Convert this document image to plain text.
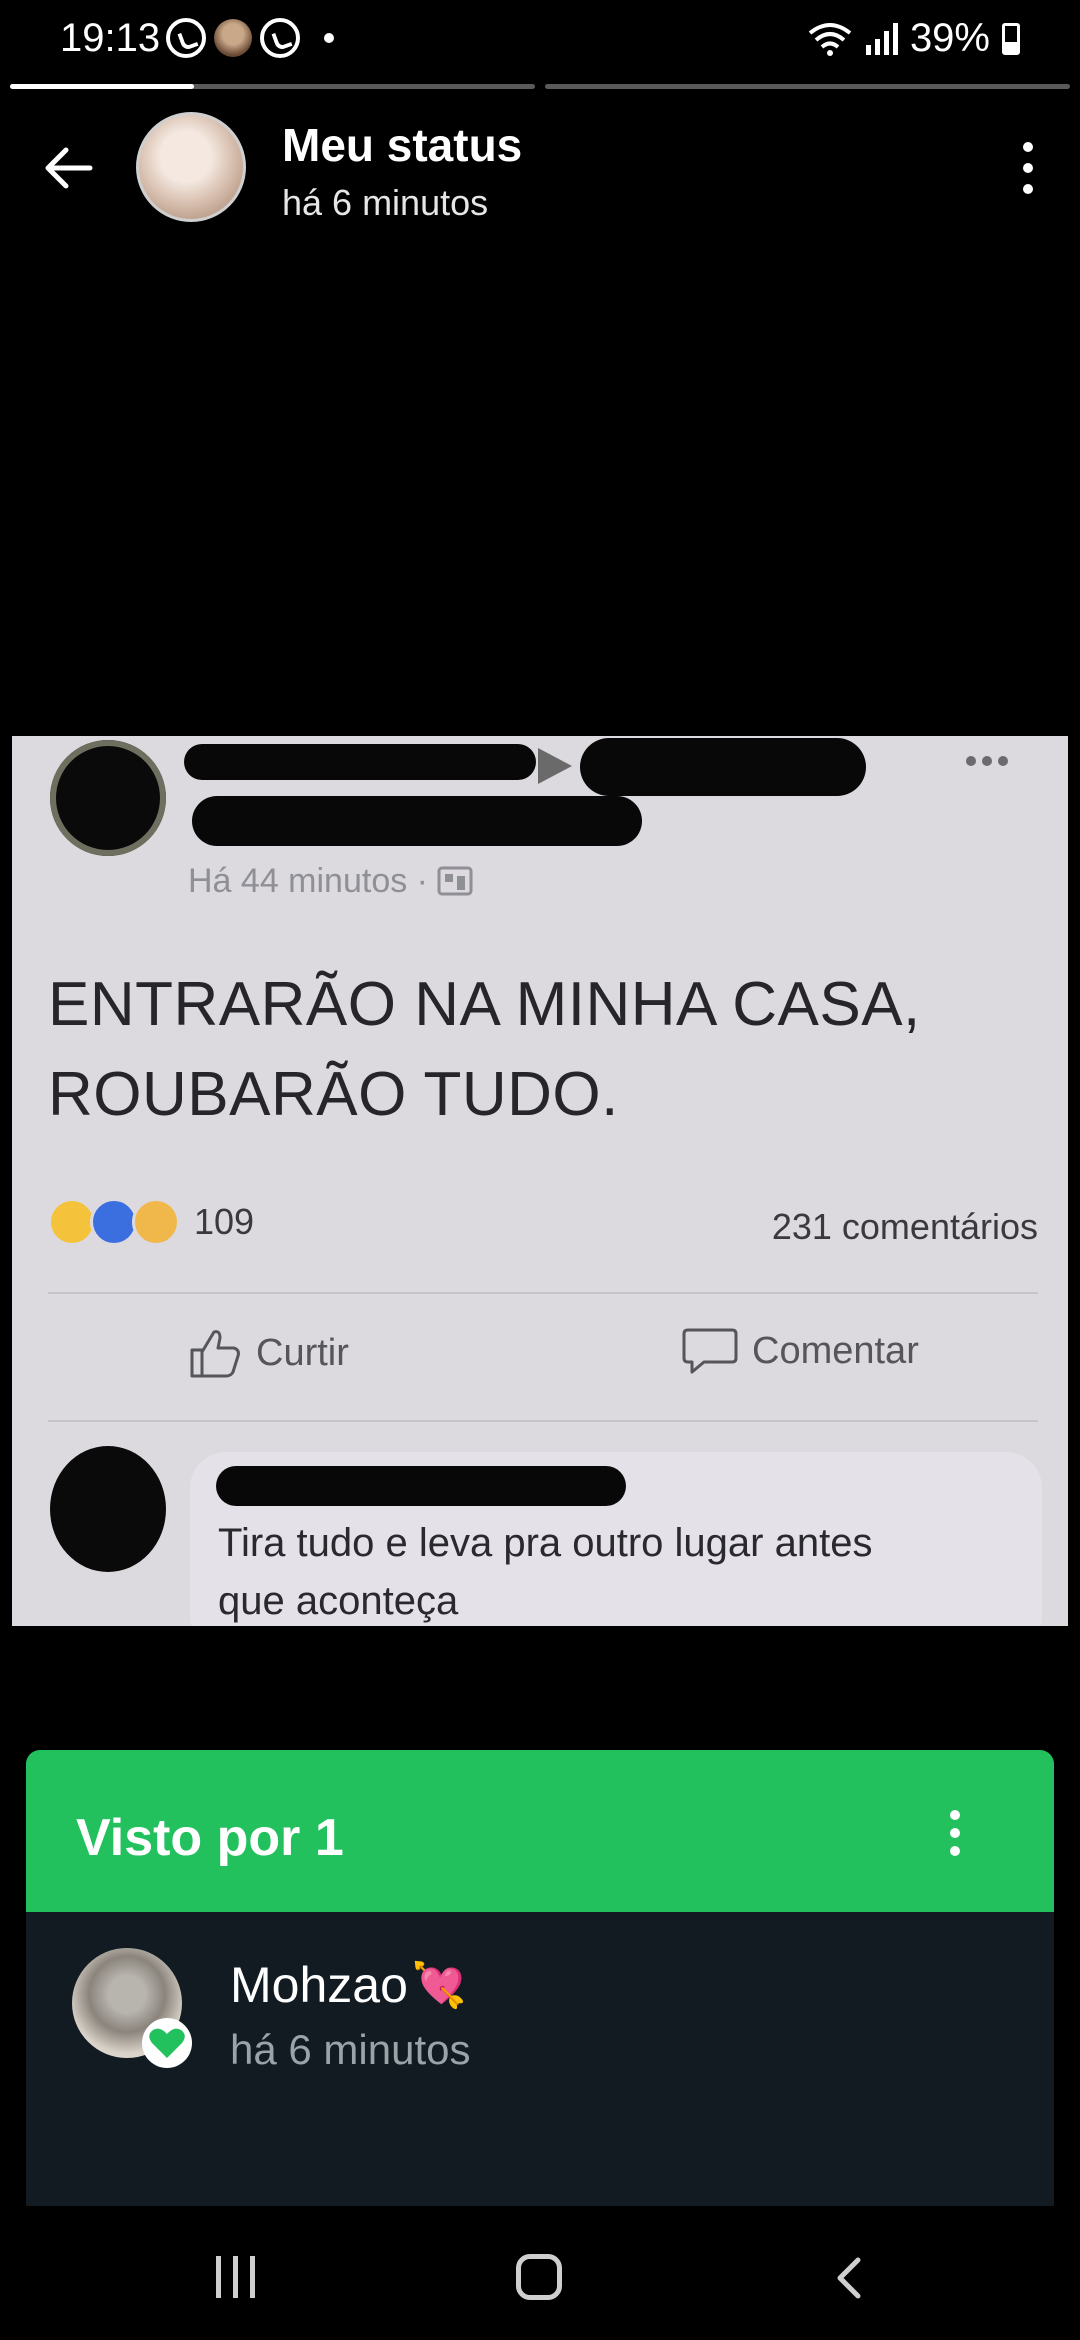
19:13	39%
Meu status
há 6 minutos
Há 44 minutos ·
ENTRARÃO NA MINHA CASA,
ROUBARÃO TUDO.
109	231 comentários
Curtir	Comentar
Tira tudo e leva pra outro lugar antes
que aconteça
Visto por 1
Mohzao 💘
há 6 minutos
